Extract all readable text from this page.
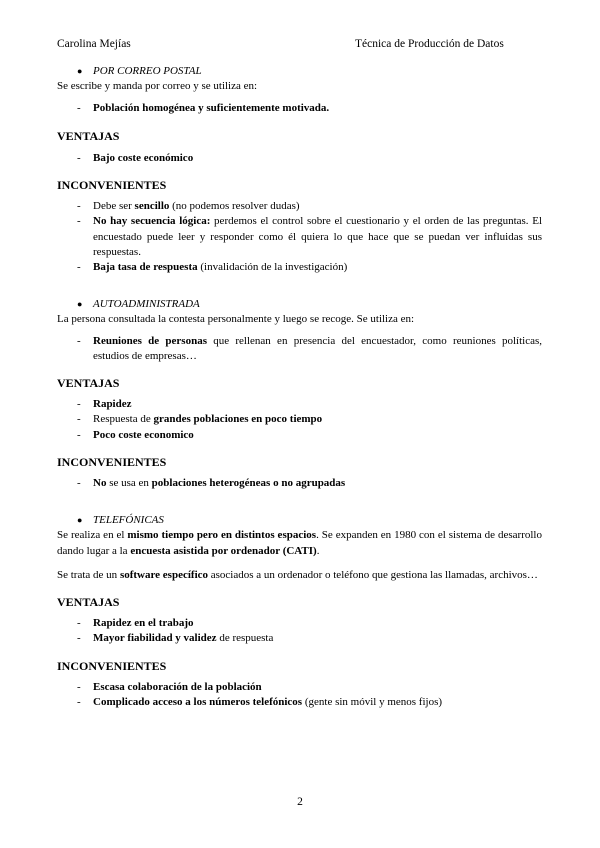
Carolina Mejías	Técnica de Producción de Datos

● POR CORREO POSTAL

Se escribe y manda por correo y se utiliza en:

- Población homogénea y suficientemente motivada.

VENTAJAS

- Bajo coste económico

INCONVENIENTES

- Debe ser sencillo (no podemos resolver dudas)
- No hay secuencia lógica: perdemos el control sobre el cuestionario y el orden de las preguntas. El encuestado puede leer y responder como él quiera lo que hace que se puedan ver influidas sus respuestas.
- Baja tasa de respuesta (invalidación de la investigación)

● AUTOADMINISTRADA

La persona consultada la contesta personalmente y luego se recoge. Se utiliza en:

- Reuniones de personas que rellenan en presencia del encuestador, como reuniones políticas, estudios de empresas…

VENTAJAS

- Rapidez
- Respuesta de grandes poblaciones en poco tiempo
- Poco coste economico

INCONVENIENTES

- No se usa en poblaciones heterogéneas o no agrupadas

● TELEFÓNICAS

Se realiza en el mismo tiempo pero en distintos espacios. Se expanden en 1980 con el sistema de desarrollo dando lugar a la encuesta asistida por ordenador (CATI).

Se trata de un software específico asociados a un ordenador o teléfono que gestiona las llamadas, archivos…

VENTAJAS

- Rapidez en el trabajo
- Mayor fiabilidad y validez de respuesta

INCONVENIENTES

- Escasa colaboración de la población
- Complicado acceso a los números telefónicos (gente sin móvil y menos fijos)
2
